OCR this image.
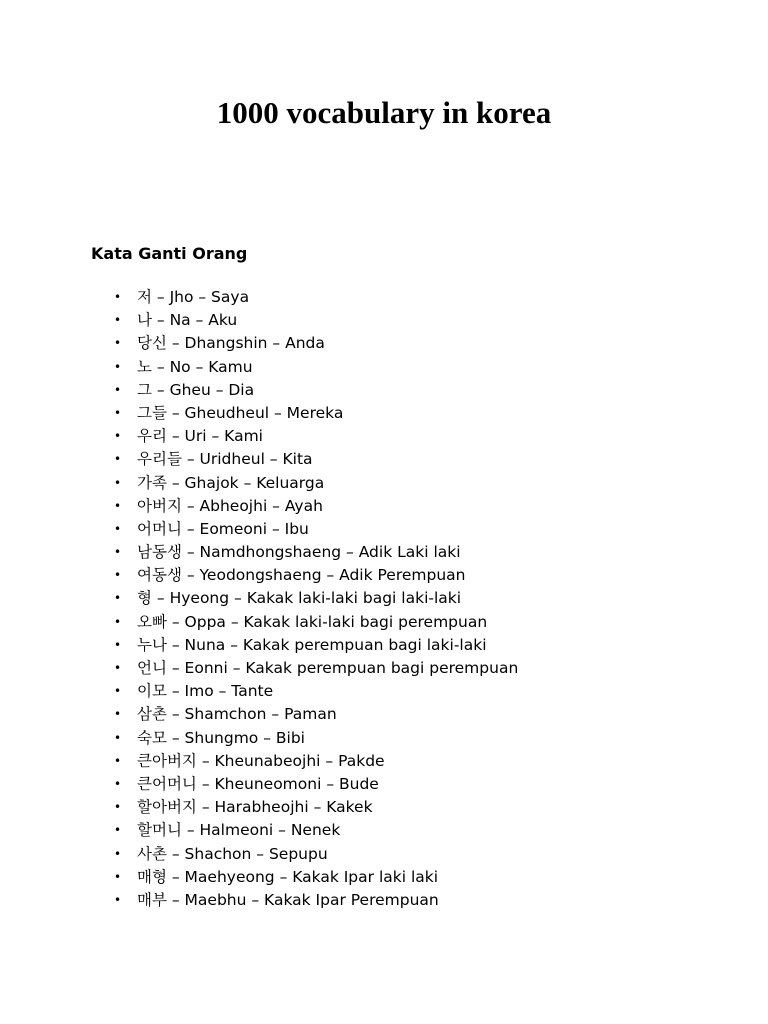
1000 vocabulary in korea
Kata Ganti Orang
• 저 – Jho – Saya
• 나 – Na – Aku
• 당신 – Dhangshin – Anda
• 노 – No – Kamu
• 그 – Gheu – Dia
• 그들 – Gheudheul – Mereka
• 우리 – Uri – Kami
• 우리들 – Uridheul – Kita
• 가족 – Ghajok – Keluarga
• 아버지 – Abheojhi – Ayah
• 어머니 – Eomeoni – Ibu
• 남동생 – Namdhongshaeng – Adik Laki laki
• 여동생 – Yeodongshaeng – Adik Perempuan
• 형 – Hyeong – Kakak laki-laki bagi laki-laki
• 오빠 – Oppa – Kakak laki-laki bagi perempuan
• 누나 – Nuna – Kakak perempuan bagi laki-laki
• 언니 – Eonni – Kakak perempuan bagi perempuan
• 이모 – Imo – Tante
• 삼촌 – Shamchon – Paman
• 숙모 – Shungmo – Bibi
• 큰아버지 – Kheunabeojhi – Pakde
• 큰어머니 – Kheuneomoni – Bude
• 할아버지 – Harabheojhi – Kakek
• 할머니 – Halmeoni – Nenek
• 사촌 – Shachon – Sepupu
• 매형 – Maehyeong – Kakak Ipar laki laki
• 매부 – Maebhu – Kakak Ipar Perempuan
